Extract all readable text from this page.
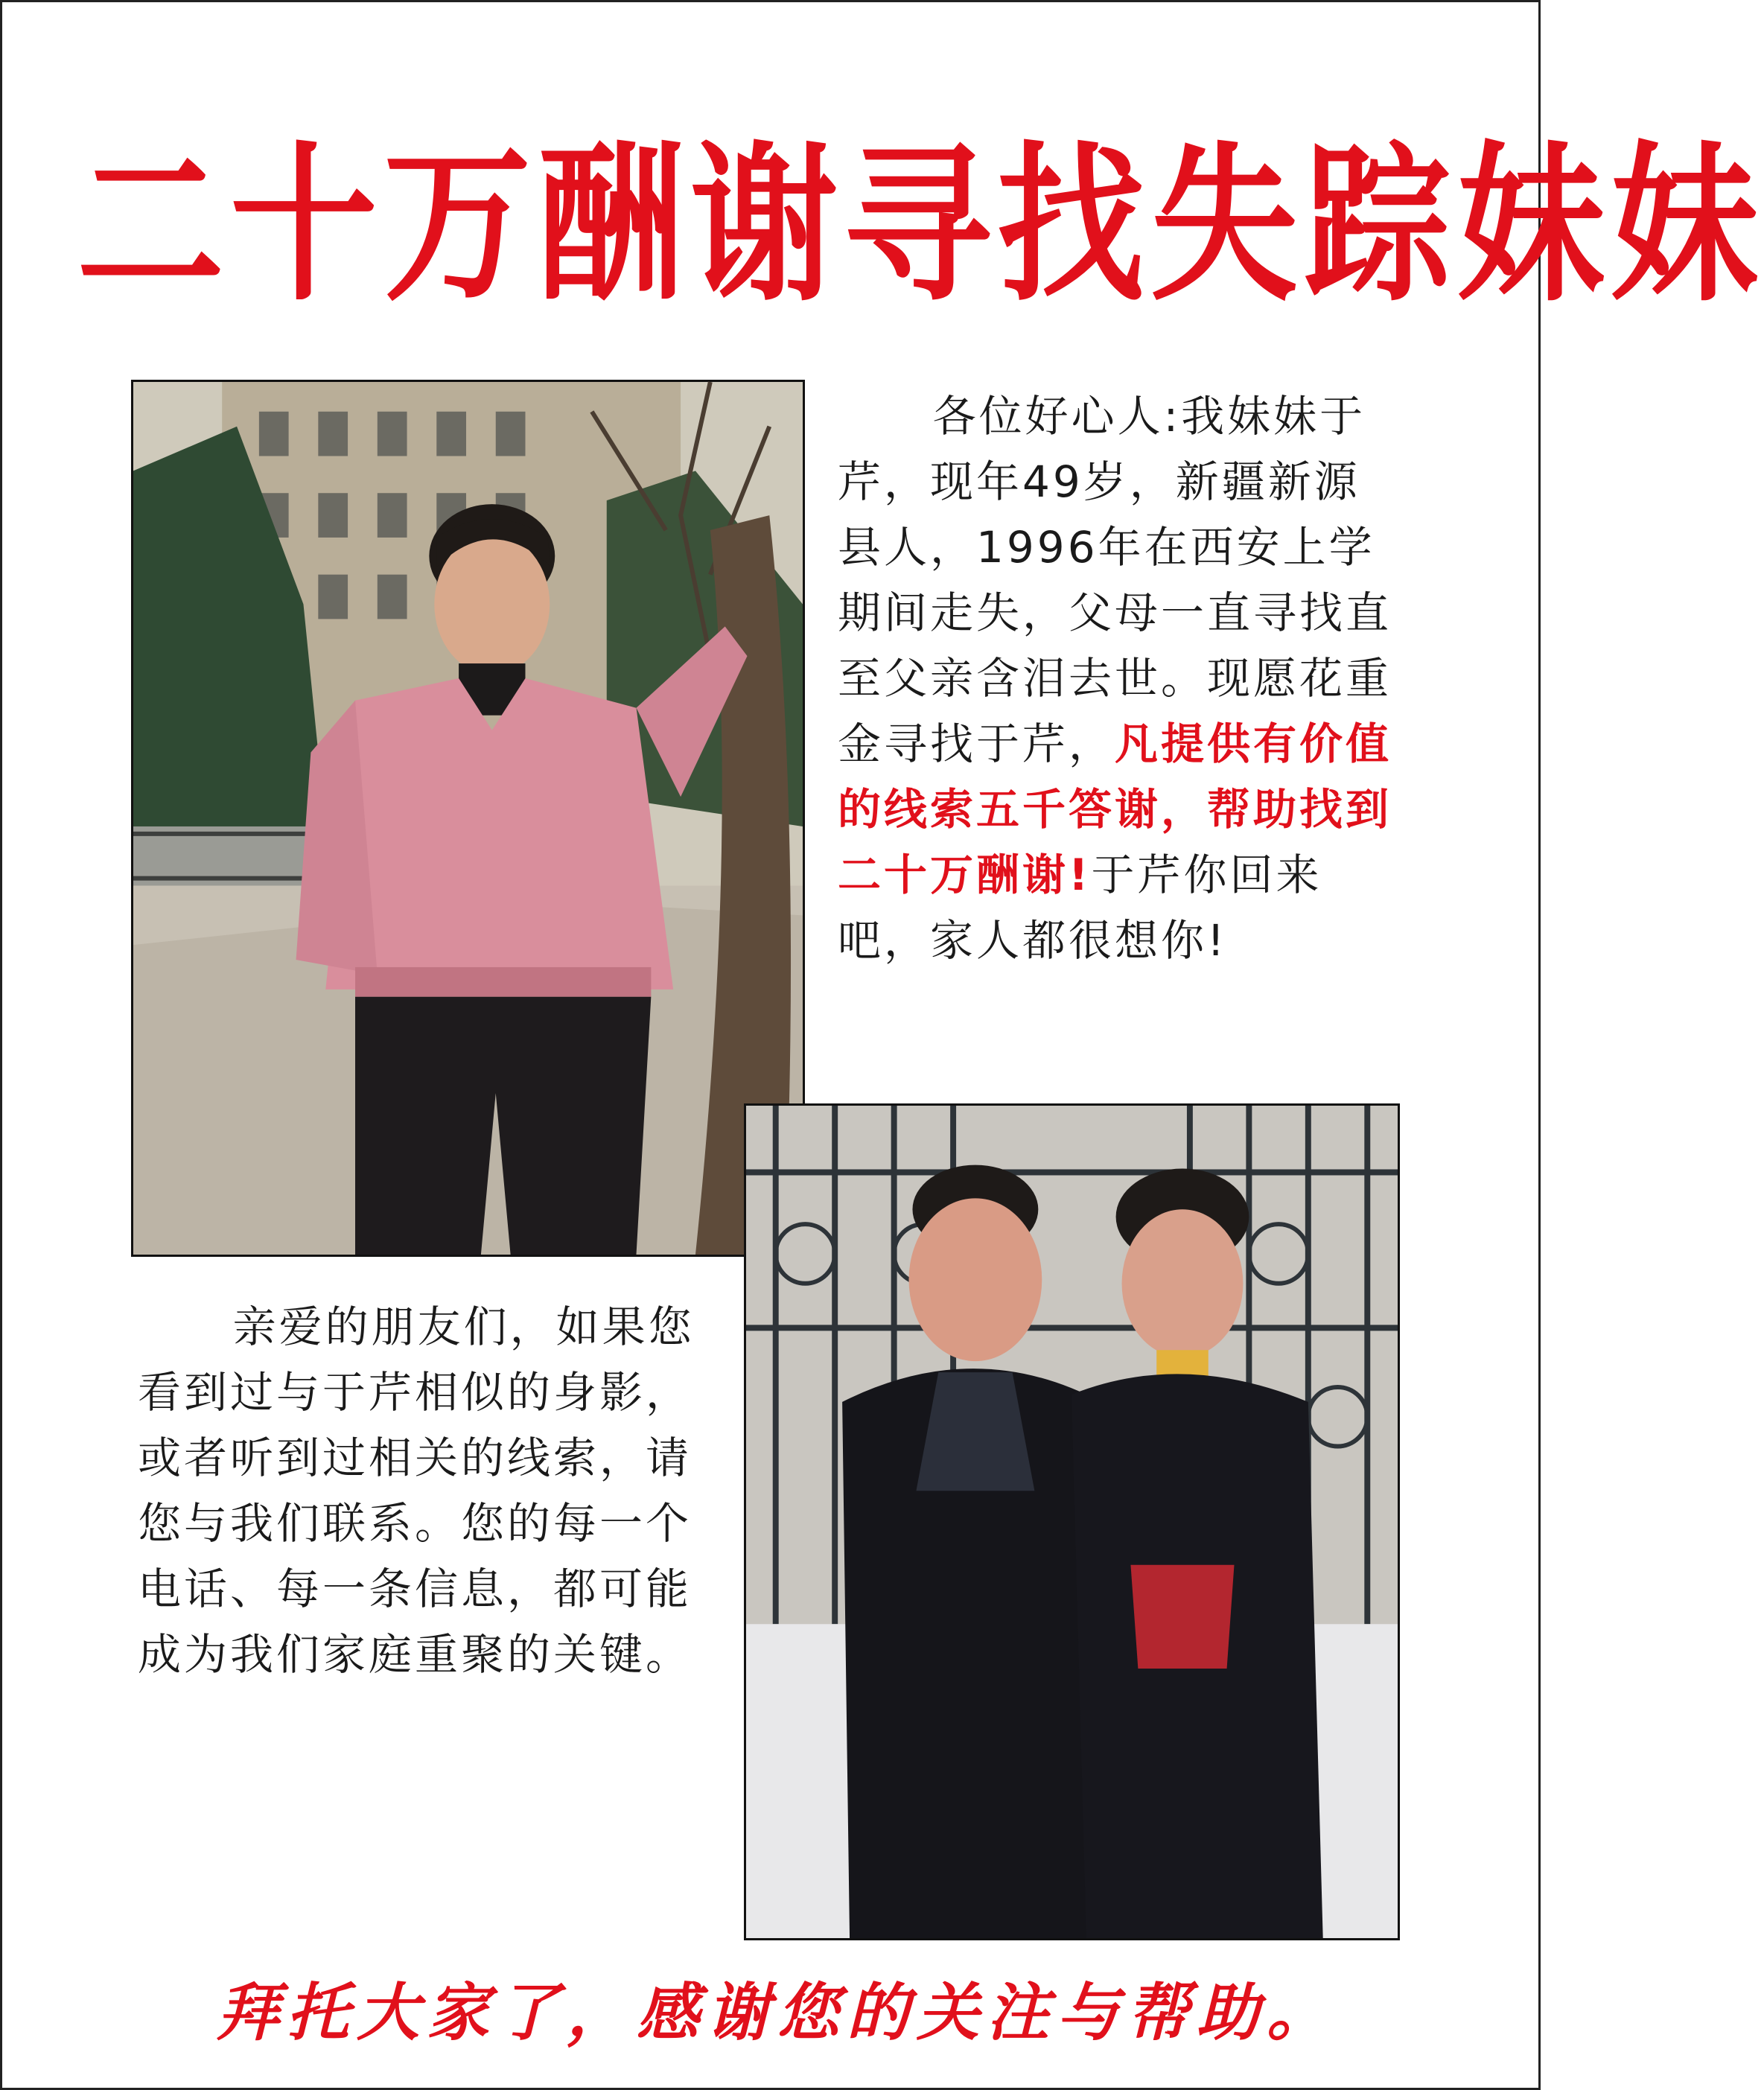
二十万酬谢寻找失踪妹妹

各位好心人:我妹妹于芹，现年49岁，新疆新源县人，1996年在西安上学期间走失，父母一直寻找直至父亲含泪去世。现愿花重金寻找于芹，凡提供有价值的线索五千答谢，帮助找到二十万酬谢!于芹你回来吧，家人都很想你!

亲爱的朋友们，如果您看到过与于芹相似的身影，或者听到过相关的线索，请您与我们联系。您的每一个电话、每一条信息，都可能成为我们家庭重聚的关键。

拜托大家了，感谢您的关注与帮助。
